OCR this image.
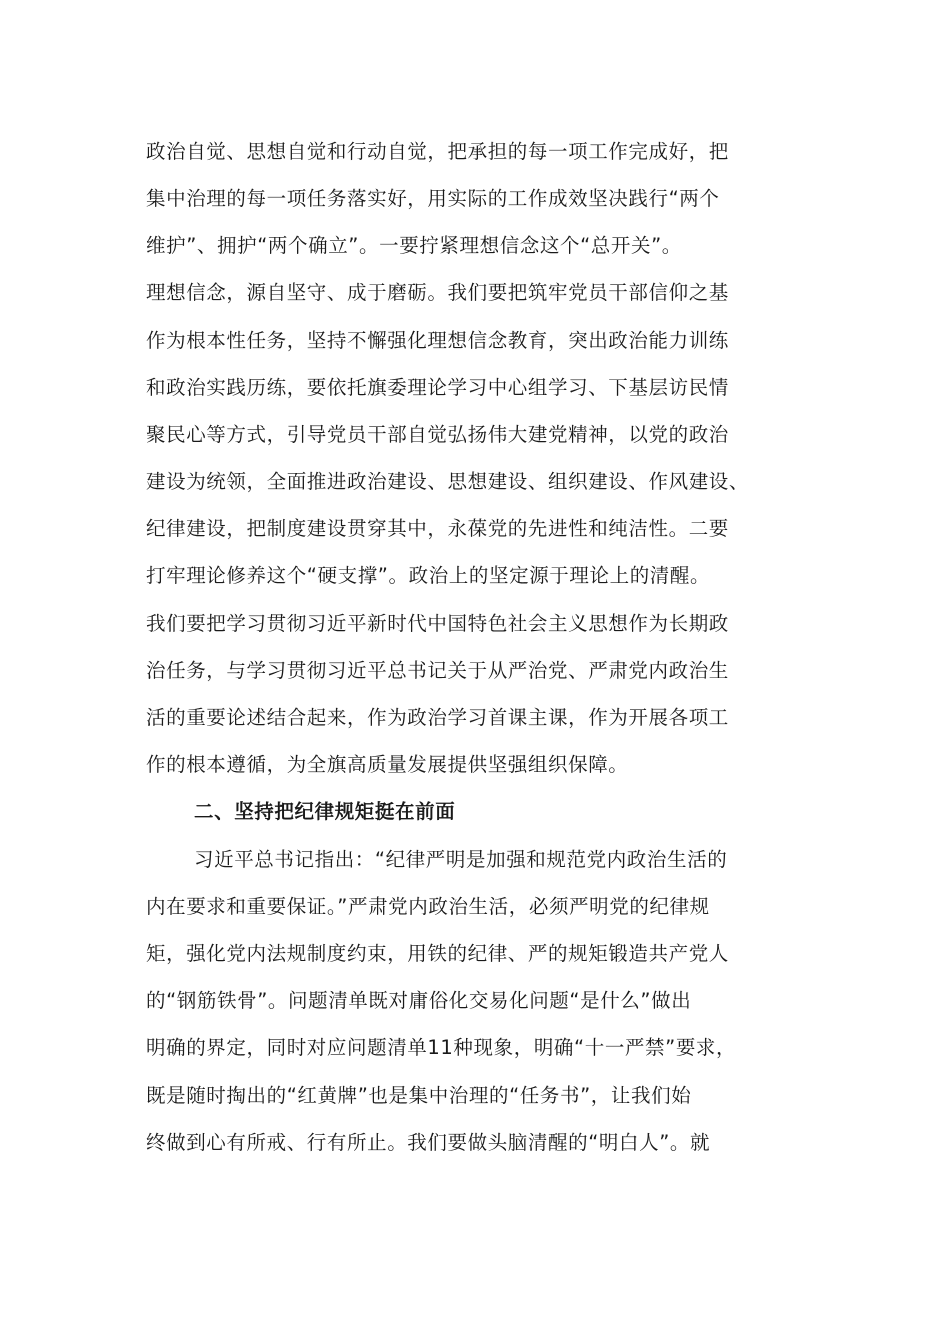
政治自觉、思想自觉和行动自觉，把承担的每一项工作完成好，把
集中治理的每一项任务落实好，用实际的工作成效坚决践行“两个
维护”、拥护“两个确立”。一要拧紧理想信念这个“总开关”。
理想信念，源自坚守、成于磨砺。我们要把筑牢党员干部信仰之基
作为根本性任务，坚持不懈强化理想信念教育，突出政治能力训练
和政治实践历练，要依托旗委理论学习中心组学习、下基层访民情
聚民心等方式，引导党员干部自觉弘扬伟大建党精神，以党的政治
建设为统领，全面推进政治建设、思想建设、组织建设、作风建设、
纪律建设，把制度建设贯穿其中，永葆党的先进性和纯洁性。二要
打牢理论修养这个“硬支撑”。政治上的坚定源于理论上的清醒。
我们要把学习贯彻习近平新时代中国特色社会主义思想作为长期政
治任务，与学习贯彻习近平总书记关于从严治党、严肃党内政治生
活的重要论述结合起来，作为政治学习首课主课，作为开展各项工
作的根本遵循，为全旗高质量发展提供坚强组织保障。
二、坚持把纪律规矩挺在前面
习近平总书记指出：“纪律严明是加强和规范党内政治生活的
内在要求和重要保证。”严肃党内政治生活，必须严明党的纪律规
矩，强化党内法规制度约束，用铁的纪律、严的规矩锻造共产党人
的“钢筋铁骨”。问题清单既对庸俗化交易化问题“是什么”做出
明确的界定，同时对应问题清单11种现象，明确“十一严禁”要求，
既是随时掏出的“红黄牌”也是集中治理的“任务书”，让我们始
终做到心有所戒、行有所止。我们要做头脑清醒的“明白人”。就
